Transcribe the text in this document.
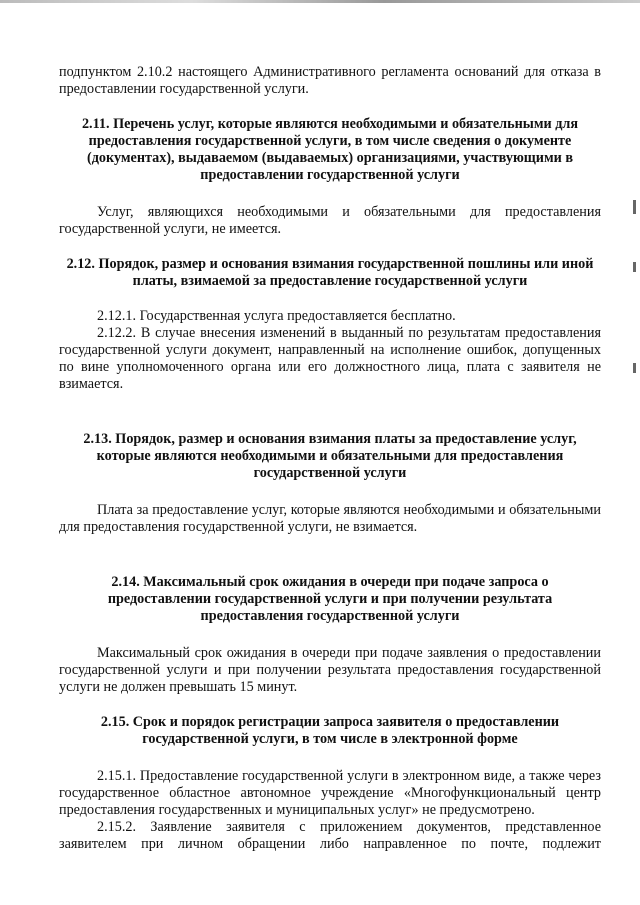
подпунктом 2.10.2 настоящего Административного регламента оснований для отказа в предоставлении государственной услуги.

2.11. Перечень услуг, которые являются необходимыми и обязательными для предоставления государственной услуги, в том числе сведения о документе (документах), выдаваемом (выдаваемых) организациями, участвующими в предоставлении государственной услуги

Услуг, являющихся необходимыми и обязательными для предоставления государственной услуги, не имеется.

2.12. Порядок, размер и основания взимания государственной пошлины или иной платы, взимаемой за предоставление государственной услуги

2.12.1. Государственная услуга предоставляется бесплатно.

2.12.2. В случае внесения изменений в выданный по результатам предоставления государственной услуги документ, направленный на исполнение ошибок, допущенных по вине уполномоченного органа или его должностного лица, плата с заявителя не взимается.

2.13. Порядок, размер и основания взимания платы за предоставление услуг, которые являются необходимыми и обязательными для предоставления государственной услуги

Плата за предоставление услуг, которые являются необходимыми и обязательными для предоставления государственной услуги, не взимается.

2.14. Максимальный срок ожидания в очереди при подаче запроса о предоставлении государственной услуги и при получении результата предоставления государственной услуги

Максимальный срок ожидания в очереди при подаче заявления о предоставлении государственной услуги и при получении результата предоставления государственной услуги не должен превышать 15 минут.

2.15. Срок и порядок регистрации запроса заявителя о предоставлении государственной услуги, в том числе в электронной форме

2.15.1. Предоставление государственной услуги в электронном виде, а также через государственное областное автономное учреждение «Многофункциональный центр предоставления государственных и муниципальных услуг» не предусмотрено.

2.15.2. Заявление заявителя с приложением документов, представленное заявителем при личном обращении либо направленное по почте, подлежит
